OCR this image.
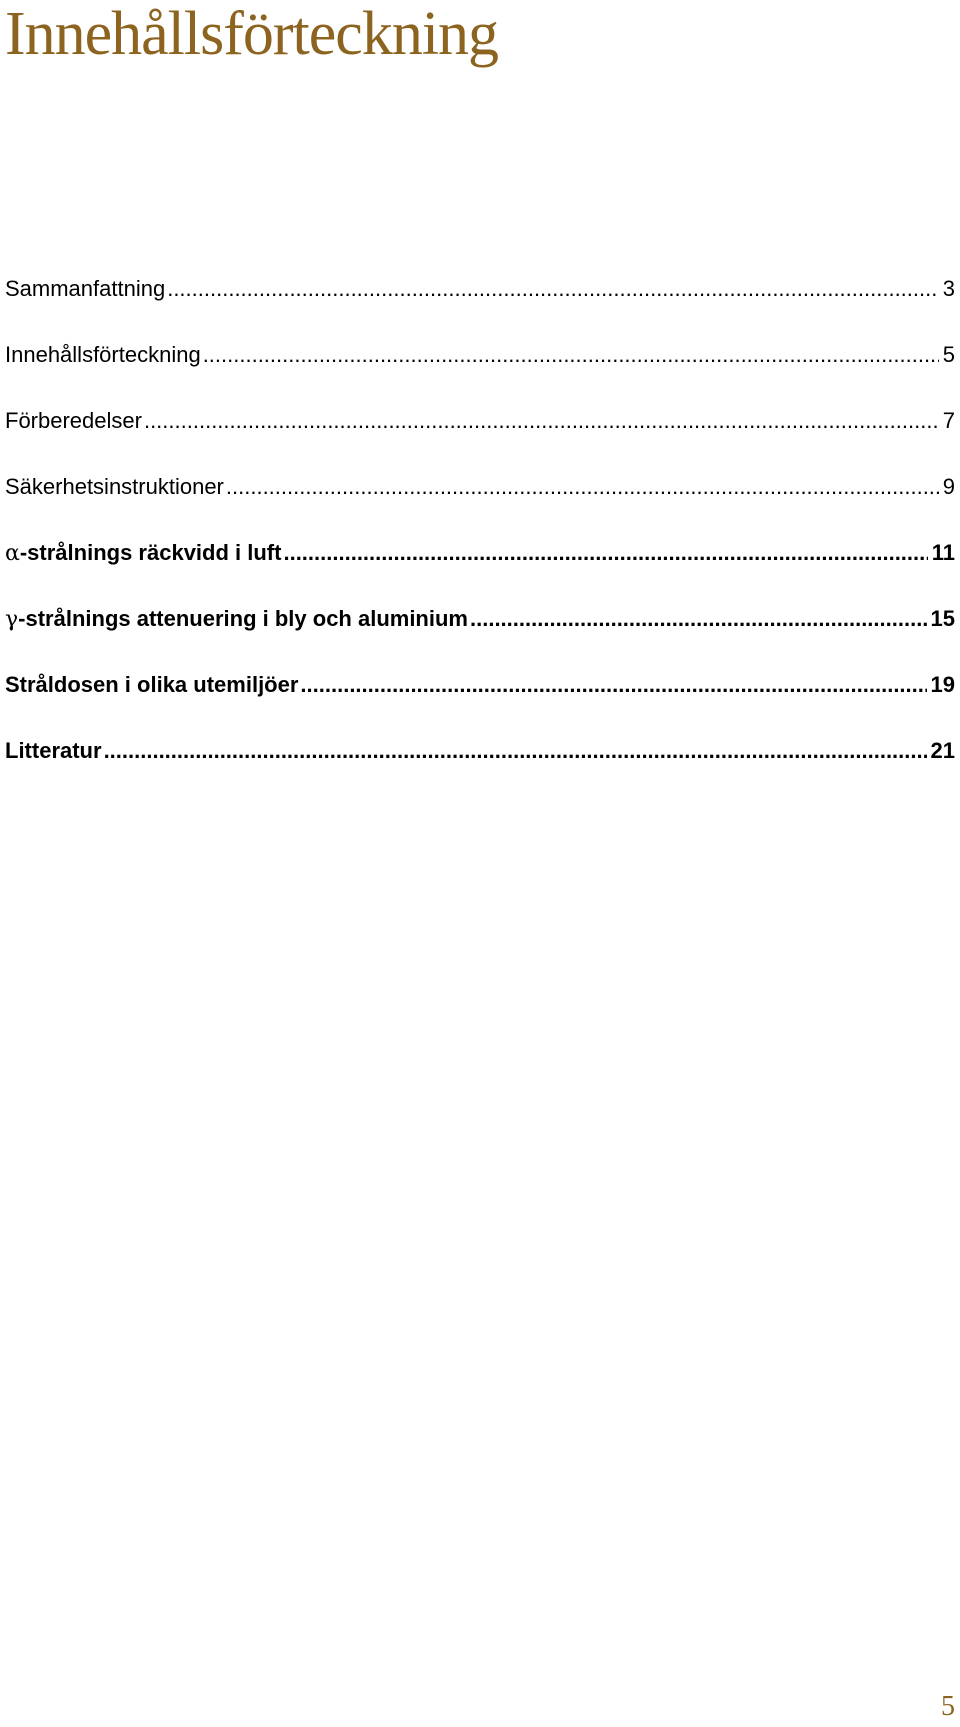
Innehållsförteckning
Sammanfattning .....	3
Innehållsförteckning .....	5
Förberedelser .....	7
Säkerhetsinstruktioner .....	9
α-strålnings räckvidd i luft .....	11
γ-strålnings attenuering i bly och aluminium .....	15
Stråldosen i olika utemiljöer .....	19
Litteratur .....	21
5
